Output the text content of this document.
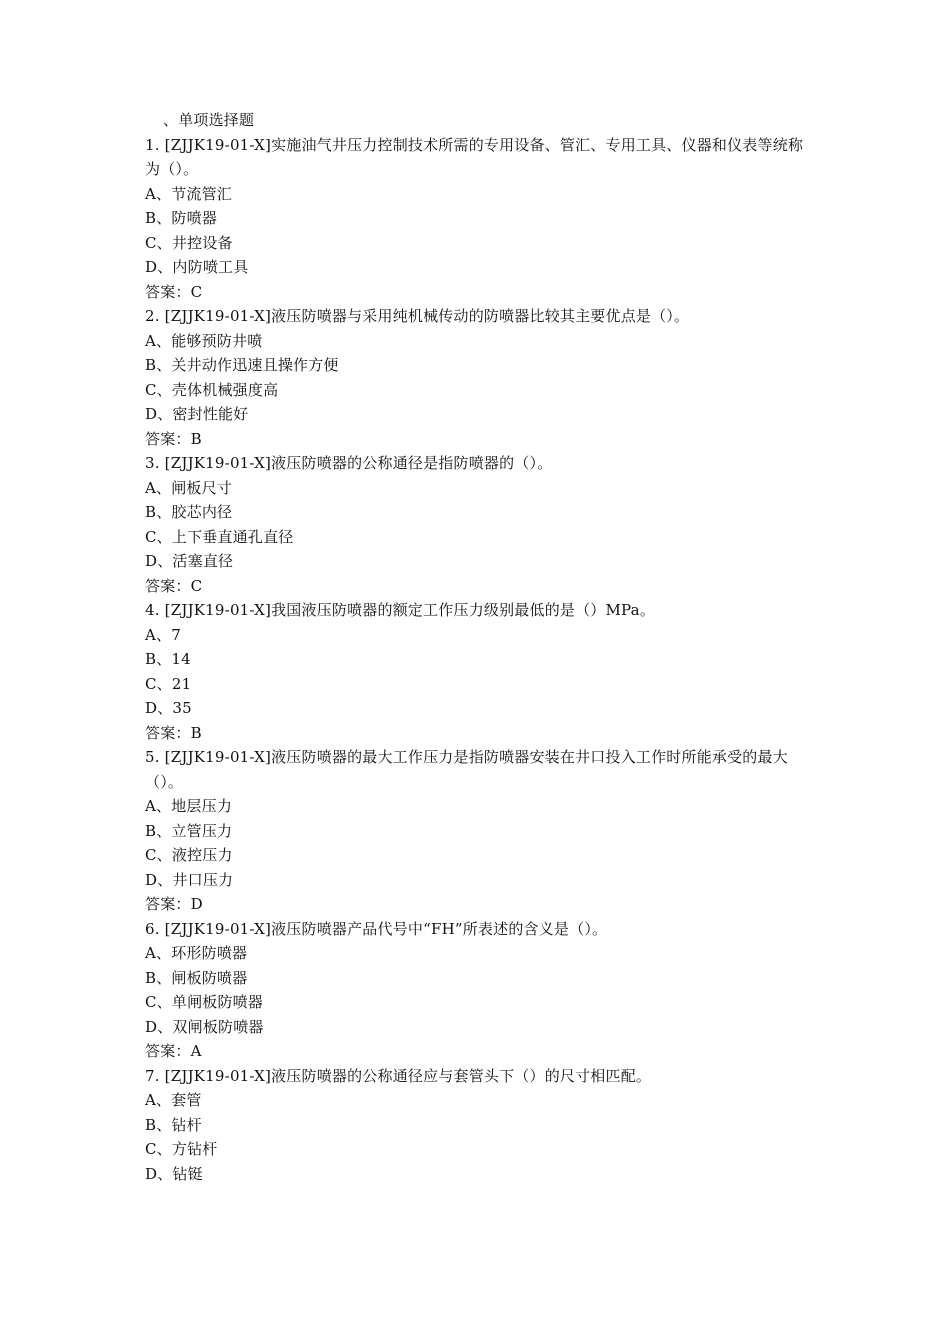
、单项选择题
1. [ZJJK19-01-X]实施油气井压力控制技术所需的专用设备、管汇、专用工具、仪器和仪表等统称为（）。
A、节流管汇
B、防喷器
C、井控设备
D、内防喷工具
答案：C
2. [ZJJK19-01-X]液压防喷器与采用纯机械传动的防喷器比较其主要优点是（）。
A、能够预防井喷
B、关井动作迅速且操作方便
C、壳体机械强度高
D、密封性能好
答案：B
3. [ZJJK19-01-X]液压防喷器的公称通径是指防喷器的（）。
A、闸板尺寸
B、胶芯内径
C、上下垂直通孔直径
D、活塞直径
答案：C
4. [ZJJK19-01-X]我国液压防喷器的额定工作压力级别最低的是（）MPa。
A、7
B、14
C、21
D、35
答案：B
5. [ZJJK19-01-X]液压防喷器的最大工作压力是指防喷器安装在井口投入工作时所能承受的最大（）。
A、地层压力
B、立管压力
C、液控压力
D、井口压力
答案：D
6. [ZJJK19-01-X]液压防喷器产品代号中“FH”所表述的含义是（）。
A、环形防喷器
B、闸板防喷器
C、单闸板防喷器
D、双闸板防喷器
答案：A
7. [ZJJK19-01-X]液压防喷器的公称通径应与套管头下（）的尺寸相匹配。
A、套管
B、钻杆
C、方钻杆
D、钻铤
